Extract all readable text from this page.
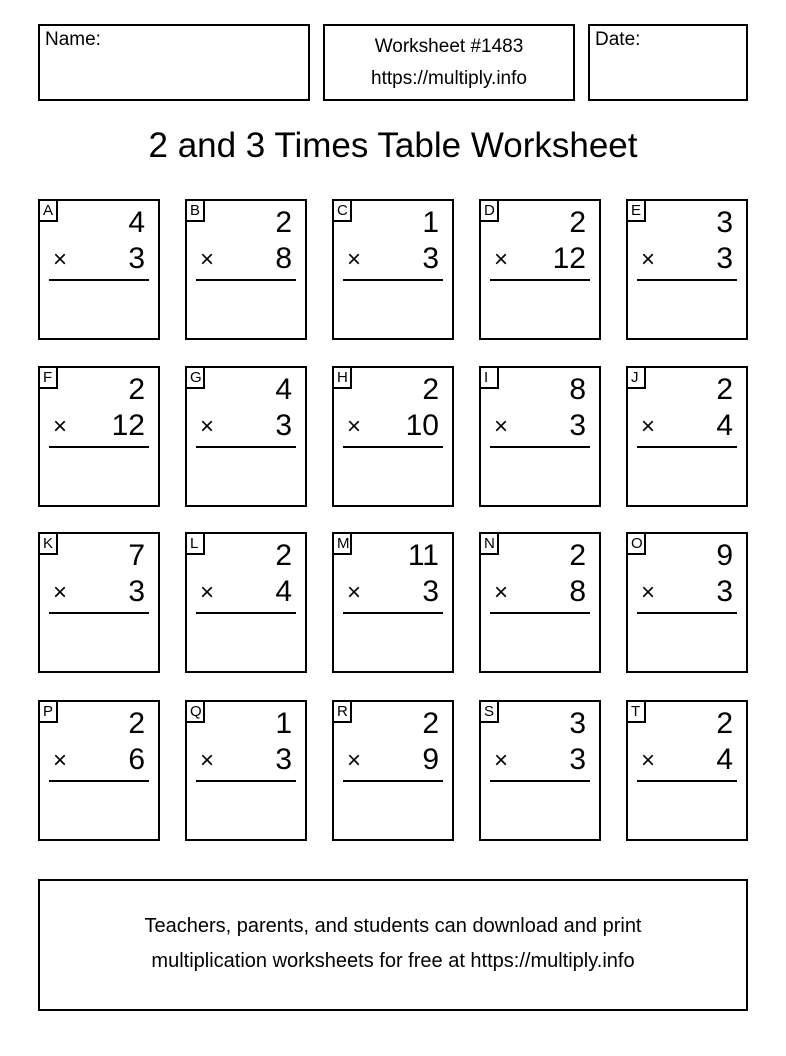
Name:	Worksheet #1483
https://multiply.info
Date:
2 and 3 Times Table Worksheet
A	4
× 3
B	2
× 8
C 1
× 3
D 2
× 12
E	3
× 3
F	2
× 12
G 4
× 3
H 2
× 10
I	8
× 3
J	2
× 4
K	7
× 3
L	2
× 4
M 11
× 3
N 2
× 8
O 9
× 3
P	2
× 6
Q 1
× 3
R 2
× 9
S	3
× 3
T	2
× 4
Teachers, parents, and students can download and print
multiplication worksheets for free at https://multiply.info
